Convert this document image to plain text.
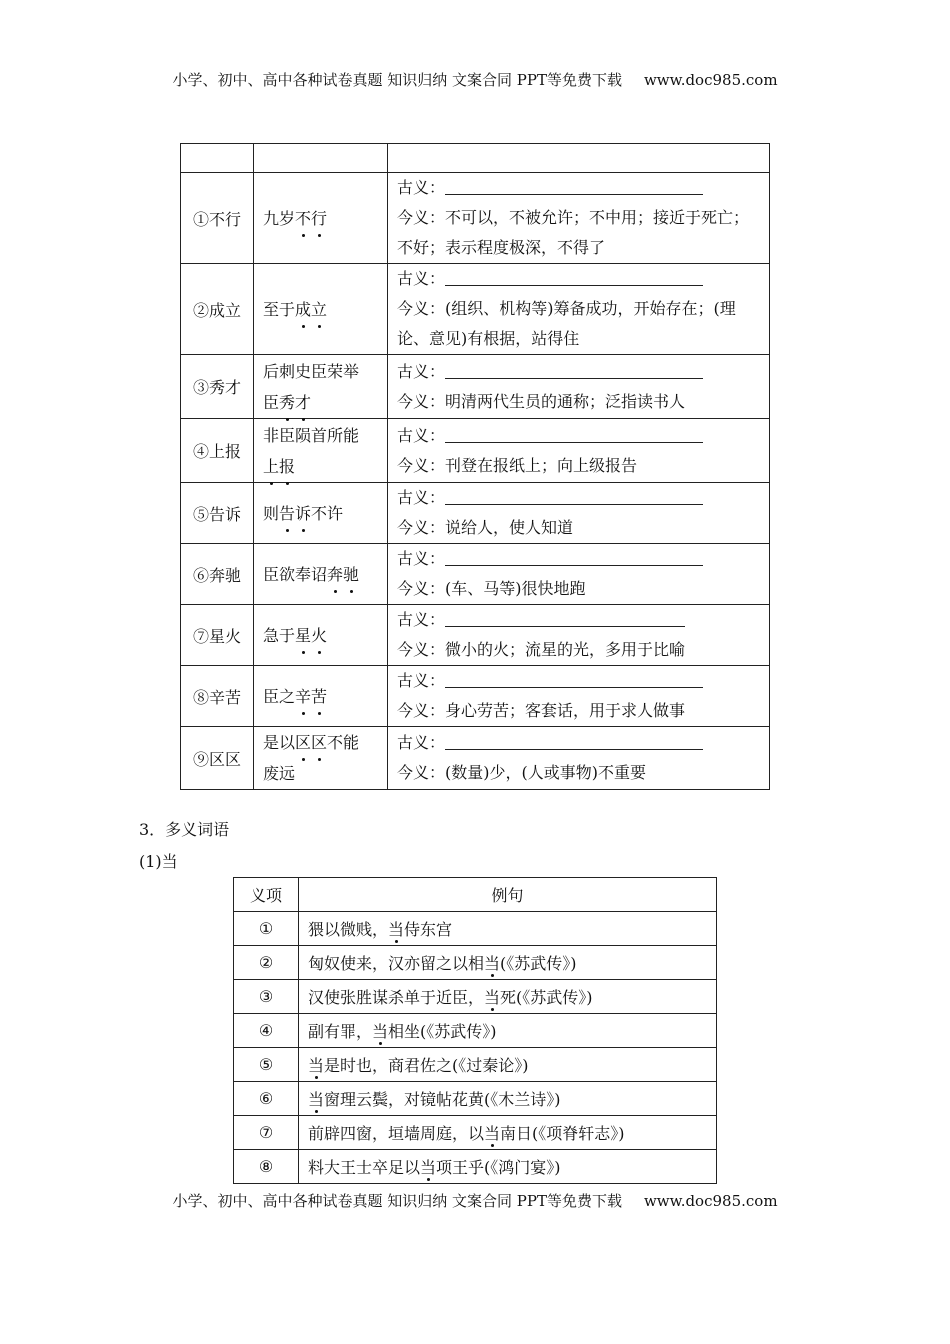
小学、初中、高中各种试卷真题 知识归纳 文案合同 PPT等免费下载 www.doc985.com

①不行	九岁不行	古义：
今义：不可以，不被允许；不中用；接近于死亡；
不好；表示程度极深，不得了
②成立	至于成立	古义：
今义：(组织、机构等)筹备成功，开始存在；(理
论、意见)有根据，站得住
③秀才	后刺史臣荣举
臣秀才	古义：
今义：明清两代生员的通称；泛指读书人
④上报	非臣陨首所能
上报	古义：
今义：刊登在报纸上；向上级报告
⑤告诉	则告诉不许	古义：
今义：说给人，使人知道
⑥奔驰	臣欲奉诏奔驰	古义：
今义：(车、马等)很快地跑
⑦星火	急于星火	古义：
今义：微小的火；流星的光，多用于比喻
⑧辛苦	臣之辛苦	古义：
今义：身心劳苦；客套话，用于求人做事
⑨区区	是以区区不能
废远	古义：
今义：(数量)少，(人或事物)不重要
3．多义词语
(1)当
义项	例句
①	猥以微贱，当侍东宫
②	匈奴使来，汉亦留之以相当(《苏武传》)
③	汉使张胜谋杀单于近臣，当死(《苏武传》)
④	副有罪，当相坐(《苏武传》)
⑤	当是时也，商君佐之(《过秦论》)
⑥	当窗理云鬓，对镜帖花黄(《木兰诗》)
⑦	前辟四窗，垣墙周庭，以当南日(《项脊轩志》)
⑧	料大王士卒足以当项王乎(《鸿门宴》)
小学、初中、高中各种试卷真题 知识归纳 文案合同 PPT等免费下载 www.doc985.com
